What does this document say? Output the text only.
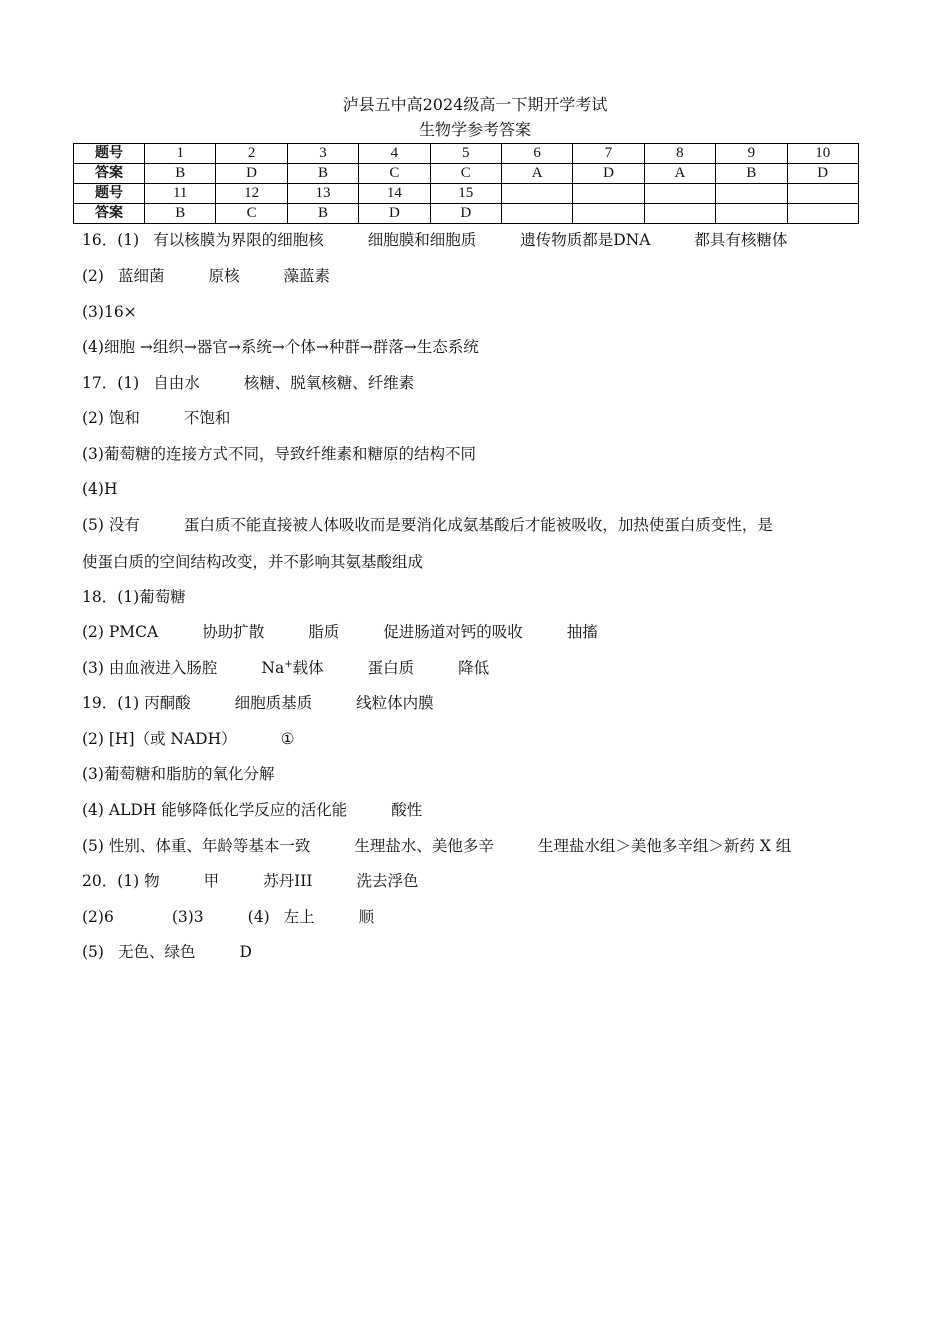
泸县五中高2024级高一下期开学考试
生物学参考答案
题号	1	2	3	4	5	6	7	8	9	10
答案	B	D	B	C	C	A	D	A	B	D
题号	11	12	13	14	15					
答案	B	C	B	D	D					
16．(1) 有以核膜为界限的细胞核	细胞膜和细胞质	遗传物质都是DNA	都具有核糖体
(2) 蓝细菌	原核	藻蓝素
(3)16×
(4)细胞 →组织→器官→系统→个体→种群→群落→生态系统
17．(1) 自由水	核糖、脱氧核糖、纤维素
(2) 饱和	不饱和
(3)葡萄糖的连接方式不同，导致纤维素和糖原的结构不同
(4)H
(5) 没有	蛋白质不能直接被人体吸收而是要消化成氨基酸后才能被吸收，加热使蛋白质变性，是
使蛋白质的空间结构改变，并不影响其氨基酸组成
18．(1)葡萄糖
(2) PMCA	协助扩散	脂质	促进肠道对钙的吸收	抽搐
(3) 由血液进入肠腔	Na+载体	蛋白质	降低
19．(1) 丙酮酸	细胞质基质	线粒体内膜
(2) [H]（或 NADH）	①
(3)葡萄糖和脂肪的氧化分解
(4) ALDH 能够降低化学反应的活化能	酸性
(5) 性别、体重、年龄等基本一致	生理盐水、美他多辛	生理盐水组＞美他多辛组＞新药 X 组
20．(1) 物	甲	苏丹III	洗去浮色
(2)6	(3)3	(4) 左上	顺
(5) 无色、绿色	D
